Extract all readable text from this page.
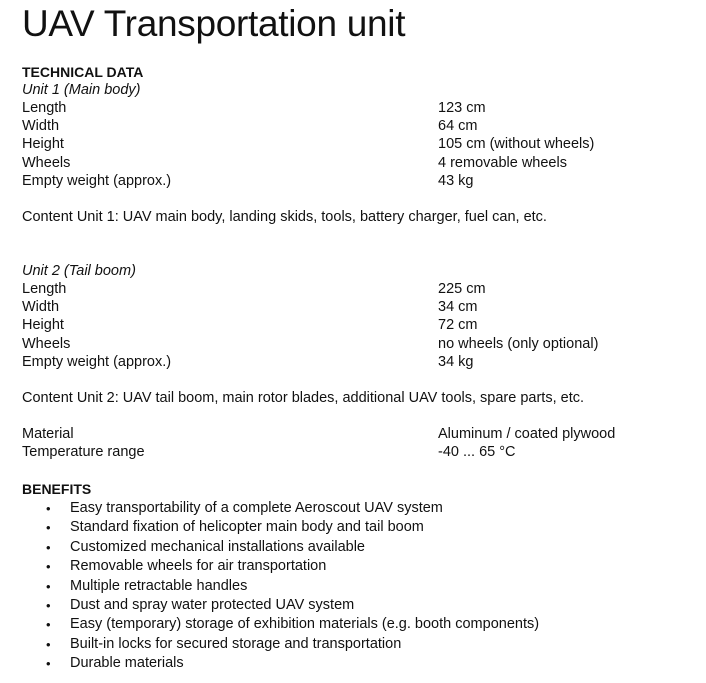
UAV Transportation unit
TECHNICAL DATA
Unit 1 (Main body)
Length	123 cm
Width	64 cm
Height	105 cm (without wheels)
Wheels	4 removable wheels
Empty weight (approx.)	43 kg
Content Unit 1: UAV main body, landing skids, tools, battery charger, fuel can, etc.
Unit 2 (Tail boom)
Length	225 cm
Width	34 cm
Height	72 cm
Wheels	no wheels (only optional)
Empty weight (approx.)	34 kg
Content Unit 2: UAV tail boom, main rotor blades, additional UAV tools, spare parts, etc.
Material	Aluminum / coated plywood
Temperature range	-40 ... 65 °C
BENEFITS
•	Easy transportability of a complete Aeroscout UAV system
•	Standard fixation of helicopter main body and tail boom
•	Customized mechanical installations available
•	Removable wheels for air transportation
•	Multiple retractable handles
•	Dust and spray water protected UAV system
•	Easy (temporary) storage of exhibition materials (e.g. booth components)
•	Built-in locks for secured storage and transportation
•	Durable materials
